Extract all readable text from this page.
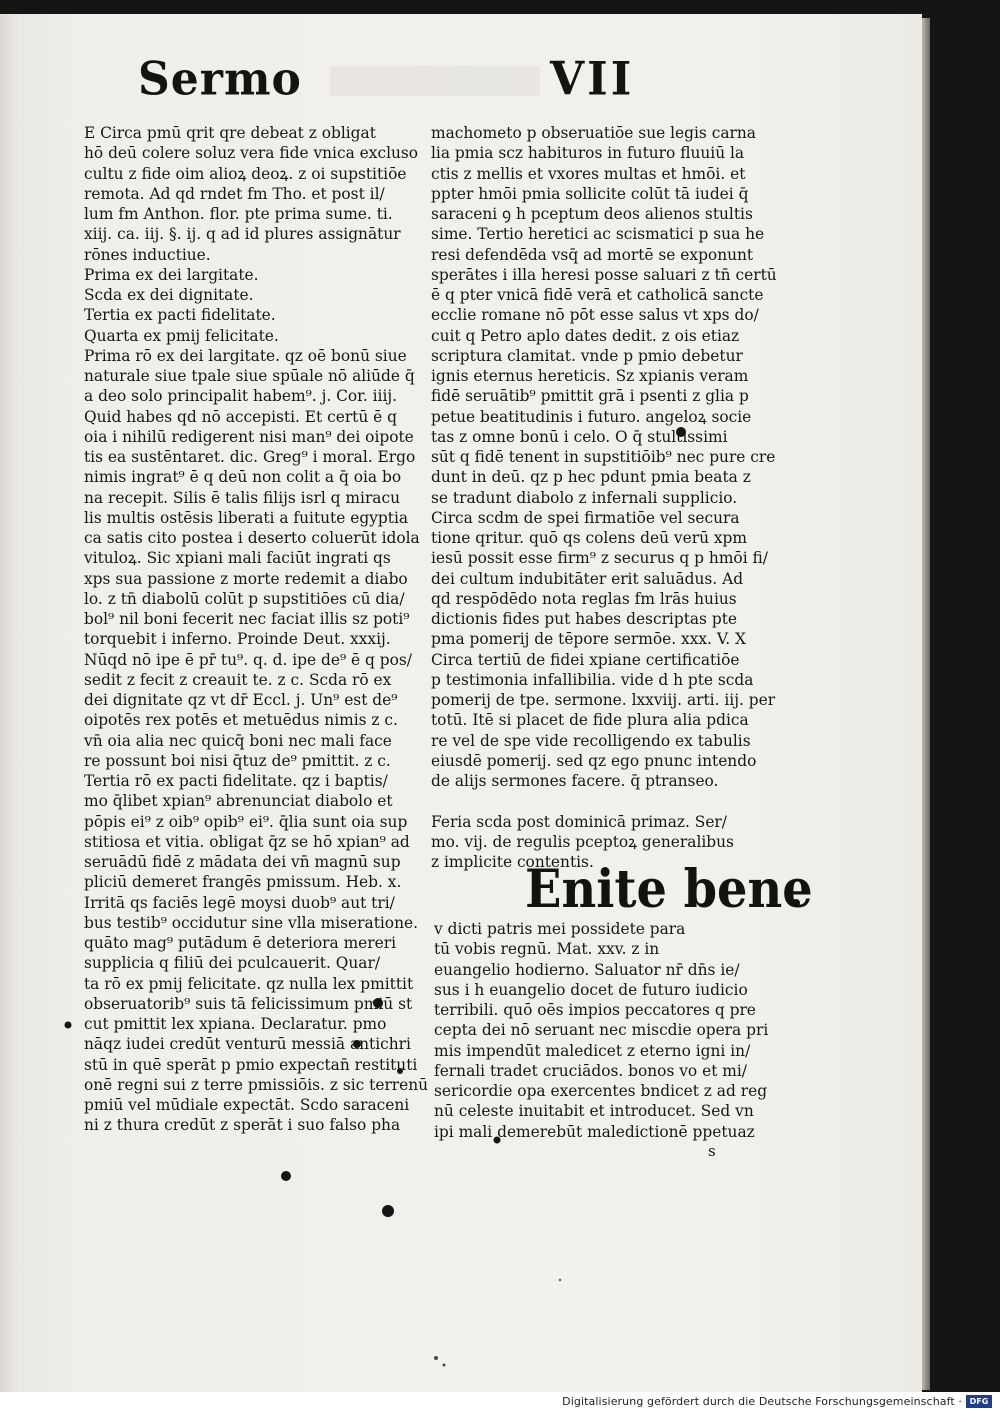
Sermo	VII
E Circa pmū qrit qre debeat z obligat
hō deū colere soluz vera fide vnica excluso
cultu z fide oim alioꝝ deoꝝ. z oi supstitiōe
remota. Ad qd rndet fm Tho. et post il/
lum fm Anthon. flor. pte prima sume. ti.
xiij. ca. iij. §. ij. q ad id plures assignātur
rōnes inductiue.
Prima ex dei largitate.
Scda ex dei dignitate.
Tertia ex pacti fidelitate.
Quarta ex pmij felicitate.
Prima rō ex dei largitate. qz oē bonū siue
naturale siue tpale siue spūale nō aliūde q̄
a deo solo principalit habem⁹. j. Cor. iiij.
Quid habes qd nō accepisti. Et certū ē q
oia i nihilū redigerent nisi man⁹ dei oipote
tis ea sustēntaret. dic. Greg⁹ i moral. Ergo
nimis ingrat⁹ ē q deū non colit a q̄ oia bo
na recepit. Silis ē talis filijs isrl q miracu
lis multis ostēsis liberati a fuitute egyptia
ca satis cito postea i deserto coluerūt idola
vituloꝝ. Sic xpiani mali faciūt ingrati qs
xps sua passione z morte redemit a diabo
lo. z tn̄ diabolū colūt p supstitiōes cū dia/
bol⁹ nil boni fecerit nec faciat illis sz poti⁹
torquebit i inferno. Proinde Deut. xxxij.
Nūqd nō ipe ē pr̄ tu⁹. q. d. ipe de⁹ ē q pos/
sedit z fecit z creauit te. z c. Scda rō ex
dei dignitate qz vt dr̄ Eccl. j. Un⁹ est de⁹
oipotēs rex potēs et metuēdus nimis z c.
vn̄ oia alia nec quicq̄ boni nec mali face
re possunt boi nisi q̄tuz de⁹ pmittit. z c.
Tertia rō ex pacti fidelitate. qz i baptis/
mo q̄libet xpian⁹ abrenunciat diabolo et
pōpis ei⁹ z oib⁹ opib⁹ ei⁹. q̄lia sunt oia sup
stitiosa et vitia. obligat q̄z se hō xpian⁹ ad
seruādū fidē z mādata dei vn̄ magnū sup
pliciū demeret frangēs pmissum. Heb. x.
Irritā qs faciēs legē moysi duob⁹ aut tri/
bus testib⁹ occidutur sine vlla miseratione.
quāto mag⁹ putādum ē deteriora mereri
supplicia q filiū dei pculcauerit. Quar/
ta rō ex pmij felicitate. qz nulla lex pmittit
obseruatorib⁹ suis tā felicissimum pmiū st
cut pmittit lex xpiana. Declaratur. pmo
nāqz iudei credūt venturū messiā antichri
stū in quē sperāt p pmio expectan̄ restituti
onē regni sui z terre pmissiōis. z sic terrenū
pmiū vel mūdiale expectāt. Scdo saraceni
ni z thura credūt z sperāt i suo falso pha
machometo p obseruatiōe sue legis carna
lia pmia scz habituros in futuro fluuiū la
ctis z mellis et vxores multas et hmōi. et
ppter hmōi pmia sollicite colūt tā iudei q̄
saraceni ꝯ h pceptum deos alienos stultis
sime. Tertio heretici ac scismatici p sua he
resi defendēda vsq̄ ad mortē se exponunt
sperātes i illa heresi posse saluari z tn̄ certū
ē q pter vnicā fidē verā et catholicā sancte
ecclie romane nō pōt esse salus vt xps do/
cuit q Petro aplo dates dedit. z ois etiaz
scriptura clamitat. vnde p pmio debetur
ignis eternus hereticis. Sz xpianis veram
fidē seruātib⁹ pmittit grā i psenti z glia p
petue beatitudinis i futuro. angeloꝝ socie
tas z omne bonū i celo. O q̄ stultissimi
sūt q fidē tenent in supstitiōib⁹ nec pure cre
dunt in deū. qz p hec pdunt pmia beata z
se tradunt diabolo z infernali supplicio.
Circa scdm de spei firmatiōe vel secura
tione qritur. quō qs colens deū verū xpm
iesū possit esse firm⁹ z securus q p hmōi fi/
dei cultum indubitāter erit saluādus. Ad
qd respōdēdo nota reglas fm lrās huius
dictionis fides put habes descriptas pte
pma pomerij de tēpore sermōe. xxx. V. X
Circa tertiū de fidei xpiane certificatiōe
p testimonia infallibilia. vide d h pte scda
pomerij de tpe. sermone. lxxviij. arti. iij. per
totū. Itē si placet de fide plura alia pdica
re vel de spe vide recolligendo ex tabulis
eiusdē pomerij. sed qz ego pnunc intendo
de alijs sermones facere. q̄ ptranseo.
Feria scda post dominicā primaz. Ser/
mo. vij. de regulis pceptoꝝ generalibus
z implicite contentis.
Enite bene
v dicti patris mei possidete para
tū vobis regnū. Mat. xxv. z in
euangelio hodierno. Saluator nr̄ dn̄s ie/
sus i h euangelio docet de futuro iudicio
terribili. quō oēs impios peccatores q pre
cepta dei nō seruant nec miscdie opera pri
mis impendūt maledicet z eterno igni in/
fernali tradet cruciādos. bonos vo et mi/
sericordie opa exercentes bndicet z ad reg
nū celeste inuitabit et introducet. Sed vn
ipi mali demerebūt maledictionē ppetuaz
s
Digitalisierung gefördert durch die Deutsche Forschungsgemeinschaft · DFG
